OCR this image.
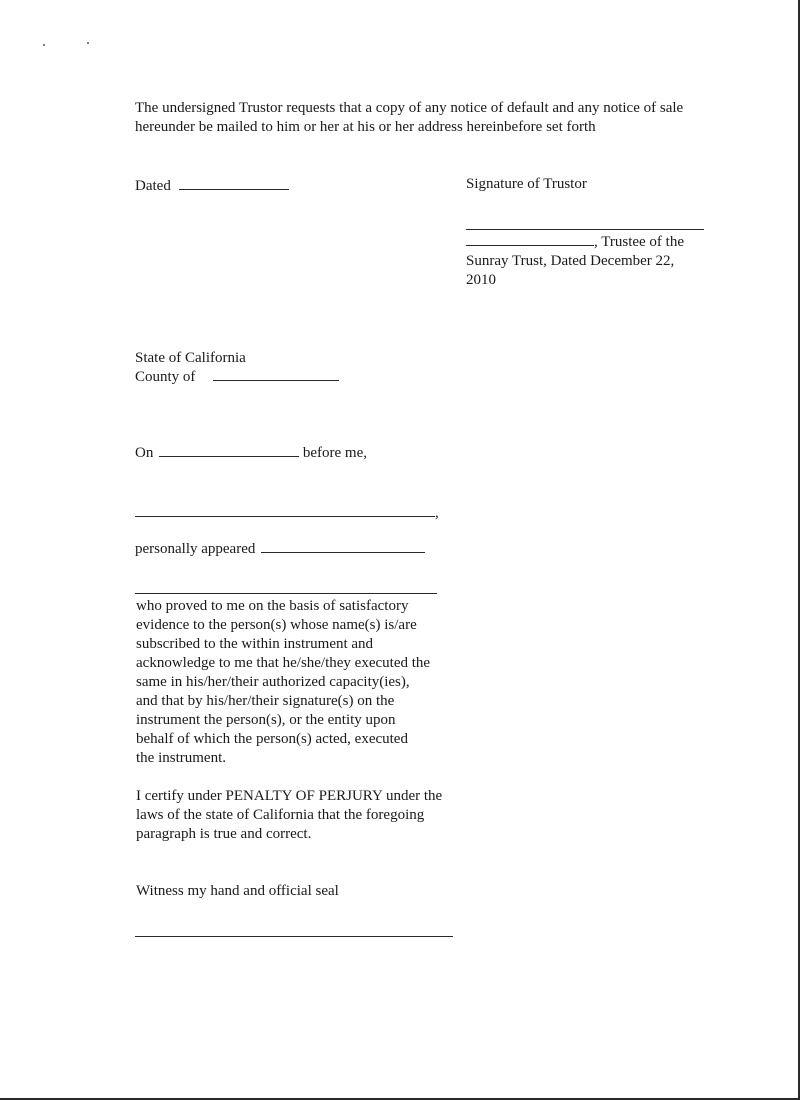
The undersigned Trustor requests that a copy of any notice of default and any notice of sale
hereunder be mailed to him or her at his or her address hereinbefore set forth
Dated	Signature of Trustor
, Trustee of the
Sunray Trust, Dated December 22,
2010
State of California
County of
On	before me,
,
personally appeared
who proved to me on the basis of satisfactory
evidence to the person(s) whose name(s) is/are
subscribed to the within instrument and
acknowledge to me that he/she/they executed the
same in his/her/their authorized capacity(ies),
and that by his/her/their signature(s) on the
instrument the person(s), or the entity upon
behalf of which the person(s) acted, executed
the instrument.
I certify under PENALTY OF PERJURY under the
laws of the state of California that the foregoing
paragraph is true and correct.
Witness my hand and official seal
